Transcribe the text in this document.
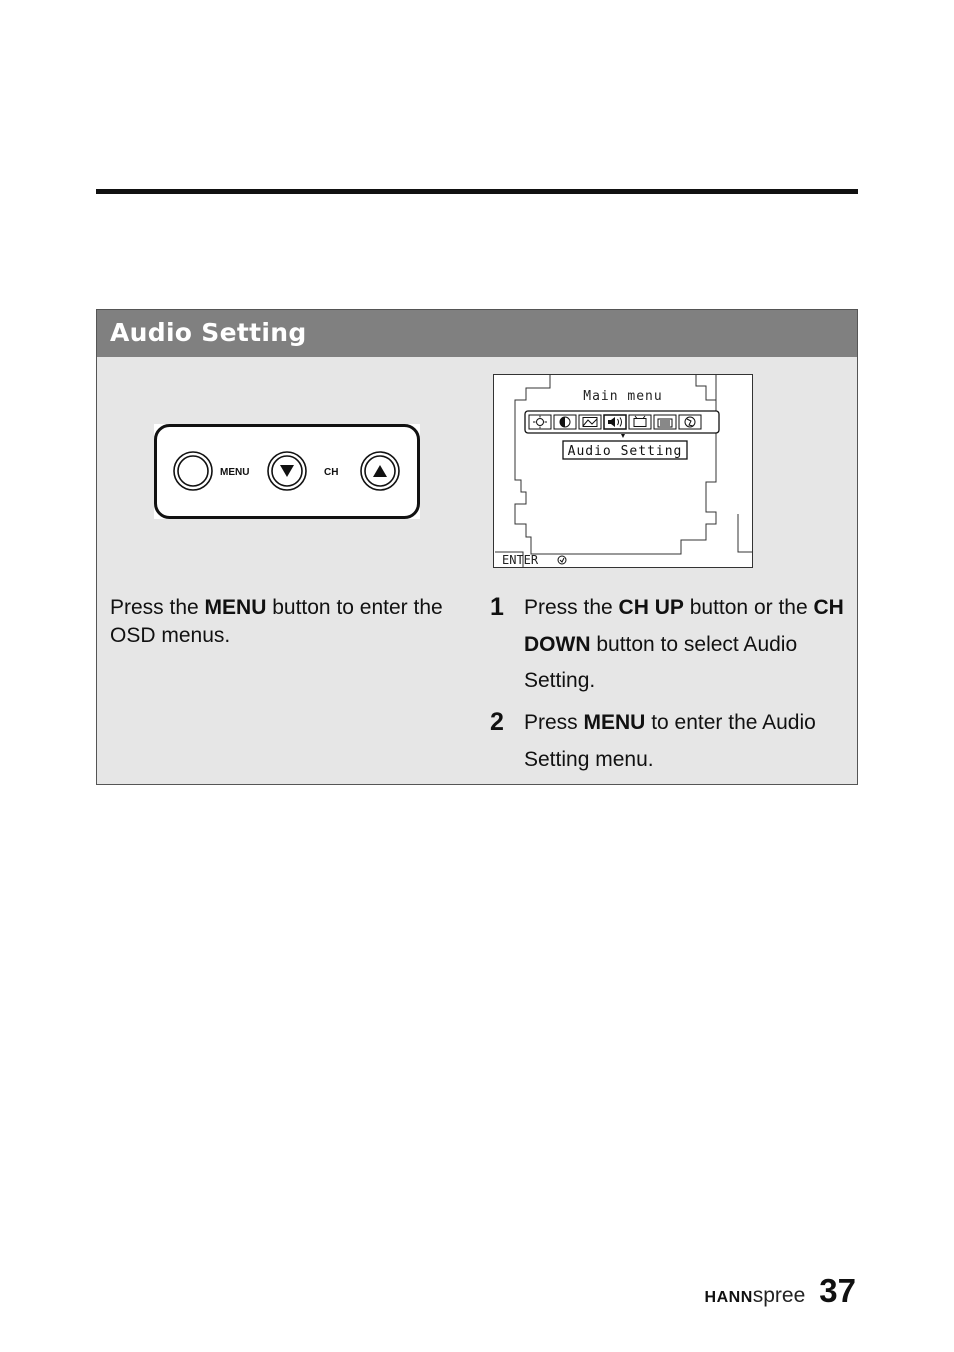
Audio Setting
MENU	CH
Main menu
Audio Setting
ENTER
Press the MENU button to enter the OSD menus.
1 Press the CH UP button or the CH DOWN button to select Audio Setting.
2 Press MENU to enter the Audio Setting menu.
HANN spree 37
